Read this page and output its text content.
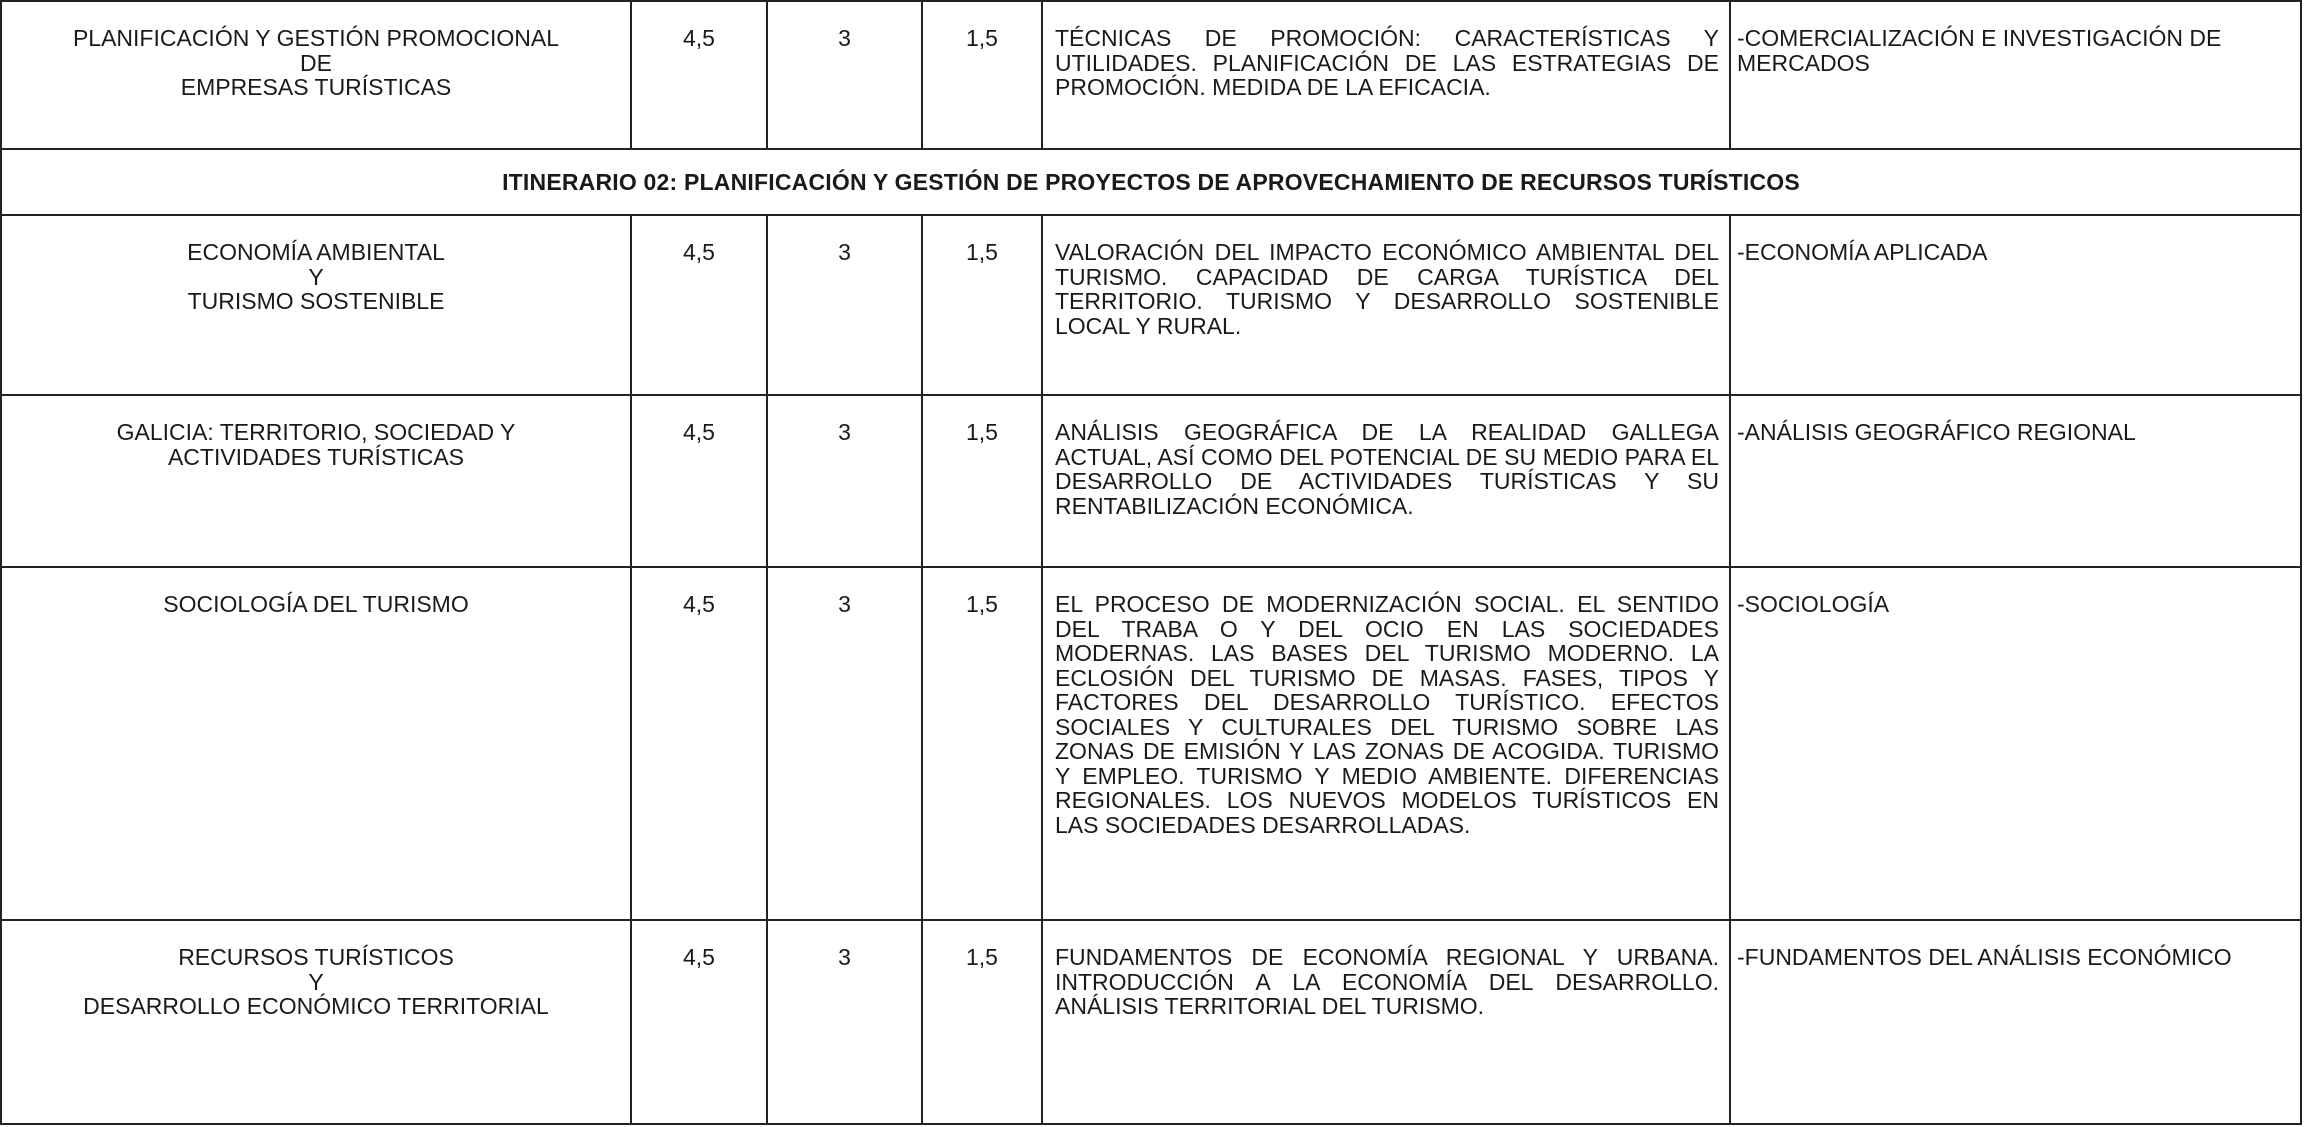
PLANIFICACIÓN Y GESTIÓN PROMOCIONAL
DE
EMPRESAS TURÍSTICAS	4,5	3	1,5	TÉCNICAS DE PROMOCIÓN: CARACTERÍSTICAS Y UTILIDADES. PLANIFICACIÓN DE LAS ESTRATEGIAS DE PROMOCIÓN. MEDIDA DE LA EFICACIA.	-COMERCIALIZACIÓN E INVESTIGACIÓN DE MERCADOS

ITINERARIO 02: PLANIFICACIÓN Y GESTIÓN DE PROYECTOS DE APROVECHAMIENTO DE RECURSOS TURÍSTICOS					

ECONOMÍA AMBIENTAL
Y
TURISMO SOSTENIBLE	4,5	3	1,5	VALORACIÓN DEL IMPACTO ECONÓMICO AMBIENTAL DEL TURISMO. CAPACIDAD DE CARGA TURÍSTICA DEL TERRITORIO. TURISMO Y DESARROLLO SOSTENIBLE LOCAL Y RURAL.	-ECONOMÍA APLICADA

GALICIA: TERRITORIO, SOCIEDAD Y
ACTIVIDADES TURÍSTICAS	4,5	3	1,5	ANÁLISIS GEOGRÁFICA DE LA REALIDAD GALLEGA ACTUAL, ASÍ COMO DEL POTENCIAL DE SU MEDIO PARA EL DESARROLLO DE ACTIVIDADES TURÍSTICAS Y SU RENTABILIZACIÓN ECONÓMICA.	-ANÁLISIS GEOGRÁFICO REGIONAL

SOCIOLOGÍA DEL TURISMO	4,5	3	1,5	EL PROCESO DE MODERNIZACIÓN SOCIAL. EL SENTIDO DEL TRABA O Y DEL OCIO EN LAS SOCIEDADES MODERNAS. LAS BASES DEL TURISMO MODERNO. LA ECLOSIÓN DEL TURISMO DE MASAS. FASES, TIPOS Y FACTORES DEL DESARROLLO TURÍSTICO. EFECTOS SOCIALES Y CULTURALES DEL TURISMO SOBRE LAS ZONAS DE EMISIÓN Y LAS ZONAS DE ACOGIDA. TURISMO Y EMPLEO. TURISMO Y MEDIO AMBIENTE. DIFERENCIAS REGIONALES. LOS NUEVOS MODELOS TURÍSTICOS EN LAS SOCIEDADES DESARROLLADAS.	-SOCIOLOGÍA

RECURSOS TURÍSTICOS
Y
DESARROLLO ECONÓMICO TERRITORIAL	4,5	3	1,5	FUNDAMENTOS DE ECONOMÍA REGIONAL Y URBANA. INTRODUCCIÓN A LA ECONOMÍA DEL DESARROLLO. ANÁLISIS TERRITORIAL DEL TURISMO.	-FUNDAMENTOS DEL ANÁLISIS ECONÓMICO
